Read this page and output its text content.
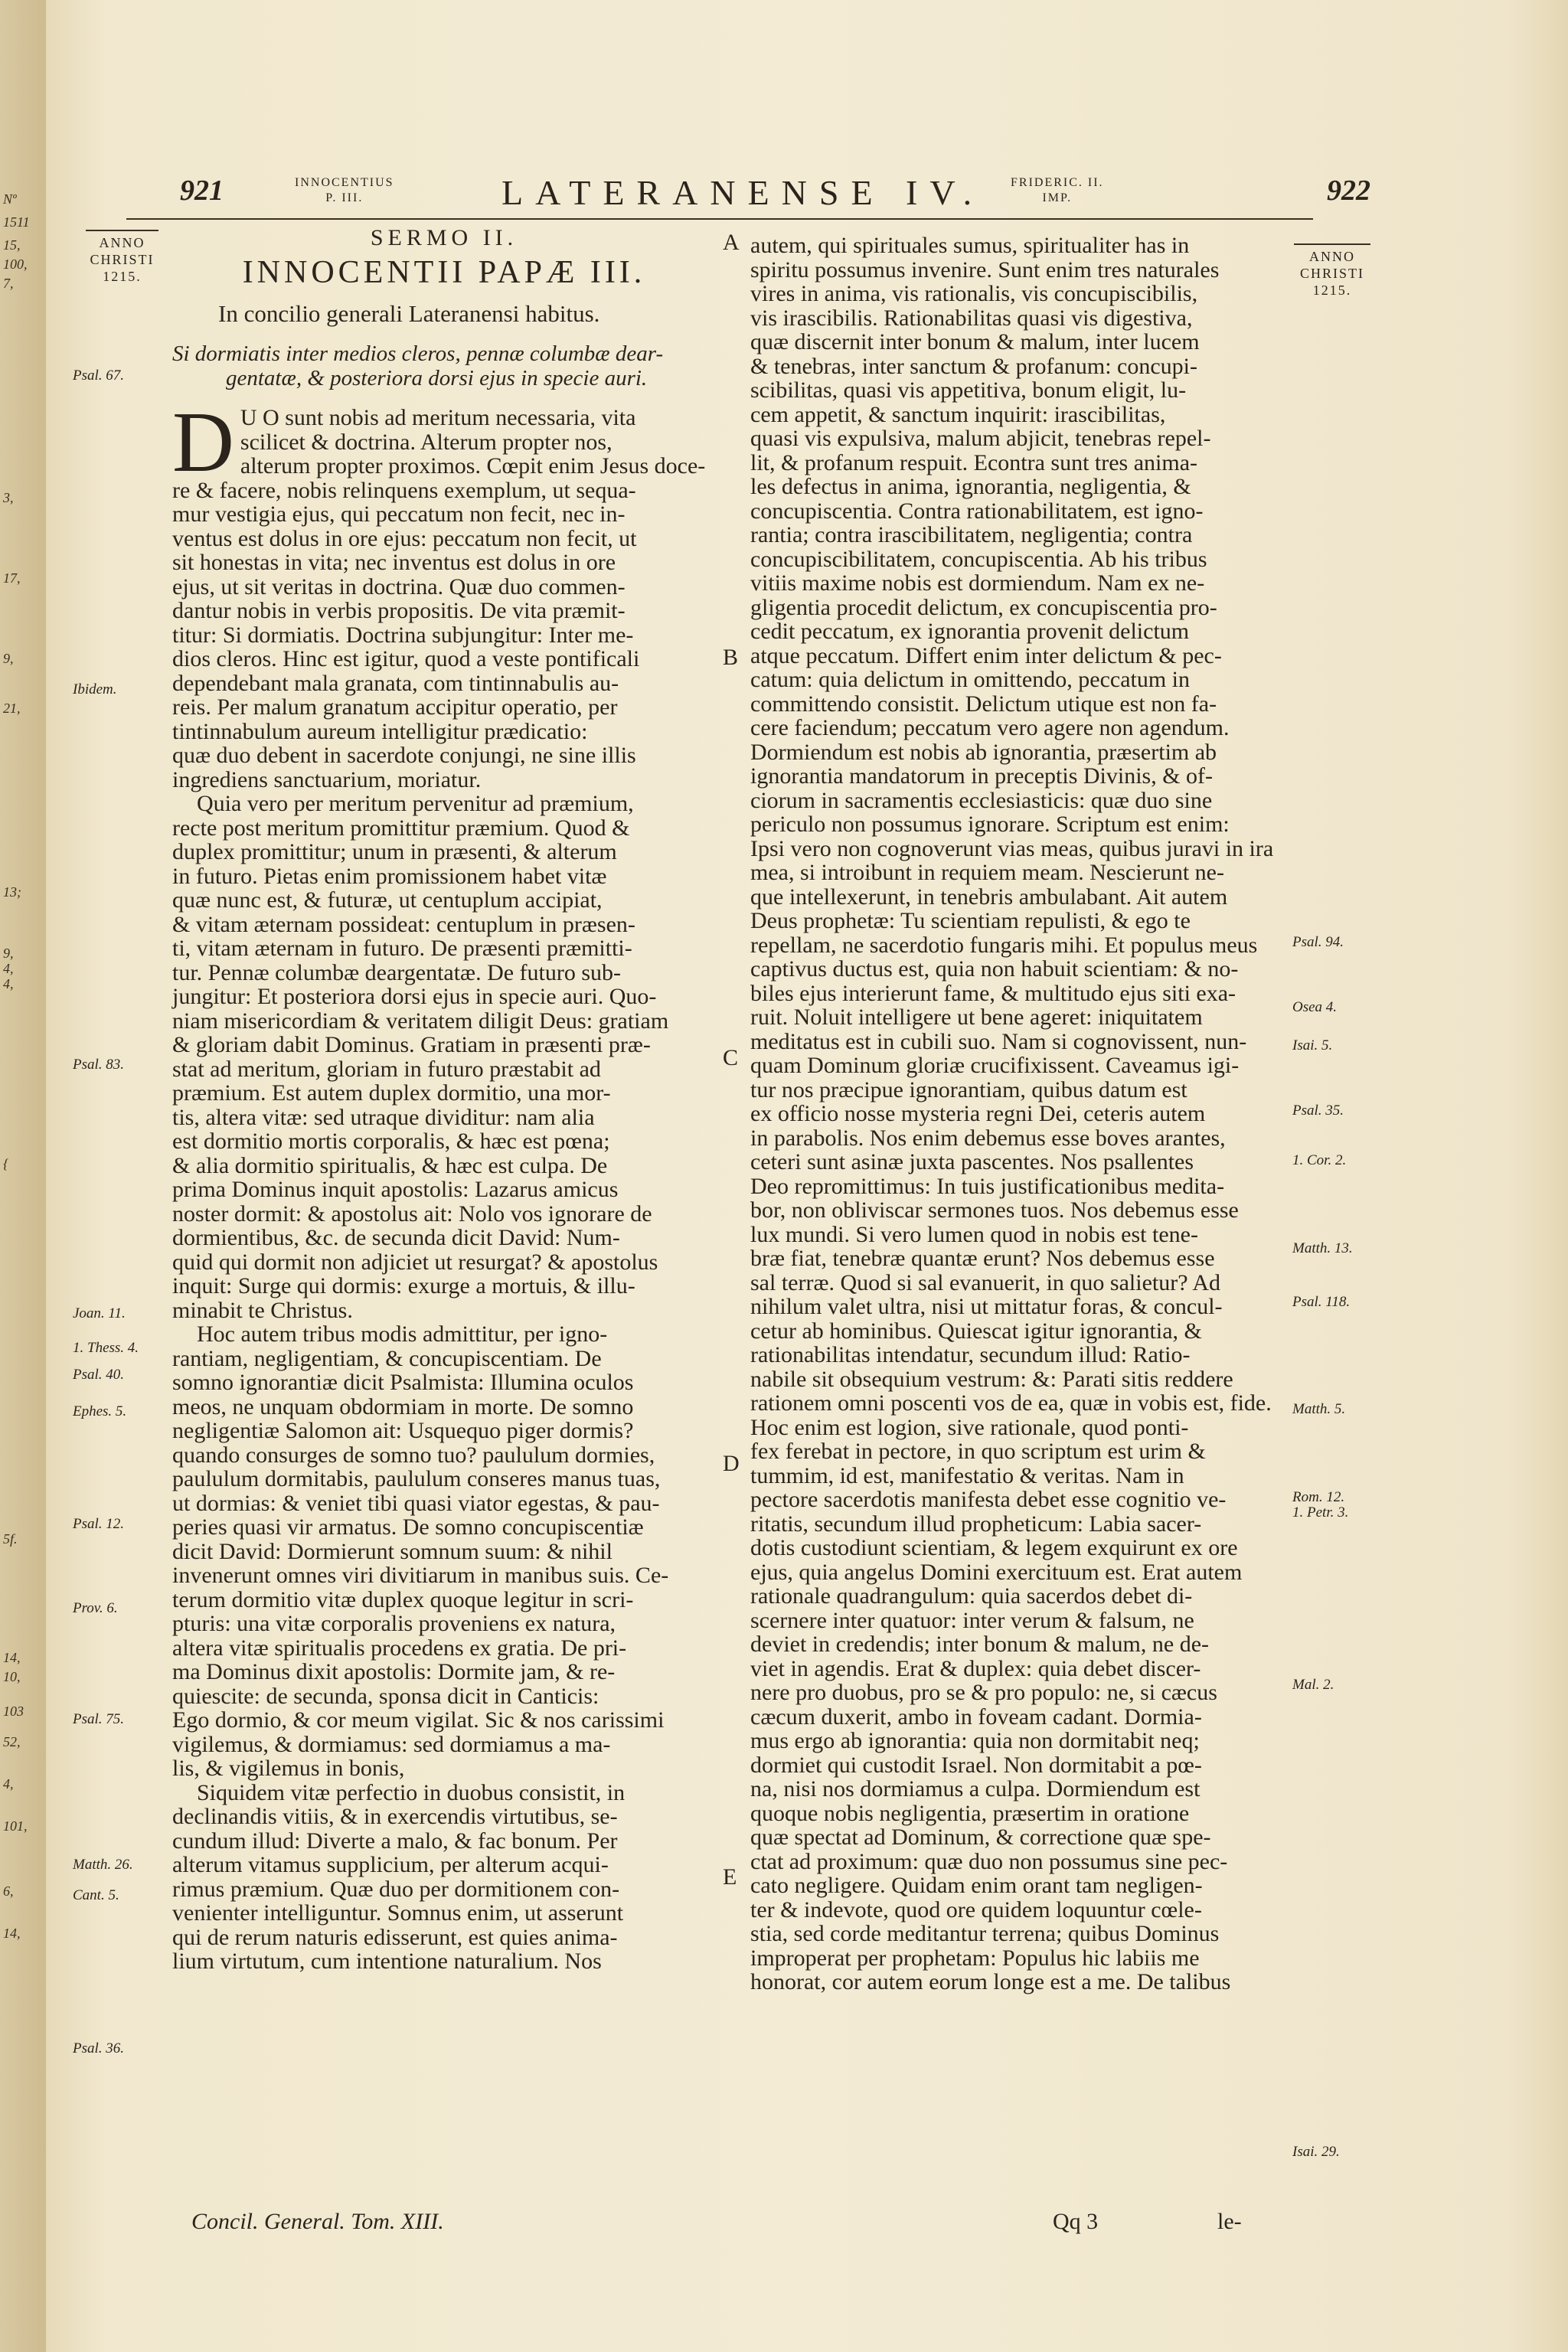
Nº
1511
15,
100,
7,
3,
17,
9,
21,
13;
9,
4,
4,
{
5f.
14,
10,
103
52,
4,
101,
6,
14,
921	INNOCENTIUS
P. III.	LATERANENSE IV. FRIDERIC. II.
IMP.	922
ANNO
CHRISTI
1215.
ANNO
CHRISTI
1215.
SERMO II.
INNOCENTII PAPÆ III.
In concilio generali Lateranensi habitus.
Si dormiatis inter medios cleros, pennæ columbæ dear-
gentatæ, & posteriora dorsi ejus in specie auri.
D U O sunt nobis ad meritum necessaria, vita
scilicet & doctrina. Alterum propter nos,
alterum propter proximos. Cœpit enim Jesus doce-
re & facere, nobis relinquens exemplum, ut sequa-
mur vestigia ejus, qui peccatum non fecit, nec in-
ventus est dolus in ore ejus: peccatum non fecit, ut
sit honestas in vita; nec inventus est dolus in ore
ejus, ut sit veritas in doctrina. Quæ duo commen-
dantur nobis in verbis propositis. De vita præmit-
titur: Si dormiatis. Doctrina subjungitur: Inter me-
dios cleros. Hinc est igitur, quod a veste pontificali
dependebant mala granata, com tintinnabulis au-
reis. Per malum granatum accipitur operatio, per
tintinnabulum aureum intelligitur prædicatio:
quæ duo debent in sacerdote conjungi, ne sine illis
ingrediens sanctuarium, moriatur.
Quia vero per meritum pervenitur ad præmium,
recte post meritum promittitur præmium. Quod &
duplex promittitur; unum in præsenti, & alterum
in futuro. Pietas enim promissionem habet vitæ
quæ nunc est, & futuræ, ut centuplum accipiat,
& vitam æternam possideat: centuplum in præsen-
ti, vitam æternam in futuro. De præsenti præmitti-
tur. Pennæ columbæ deargentatæ. De futuro sub-
jungitur: Et posteriora dorsi ejus in specie auri. Quo-
niam misericordiam & veritatem diligit Deus: gratiam
& gloriam dabit Dominus. Gratiam in præsenti præ-
stat ad meritum, gloriam in futuro præstabit ad
præmium. Est autem duplex dormitio, una mor-
tis, altera vitæ: sed utraque dividitur: nam alia
est dormitio mortis corporalis, & hæc est pœna;
& alia dormitio spiritualis, & hæc est culpa. De
prima Dominus inquit apostolis: Lazarus amicus
noster dormit: & apostolus ait: Nolo vos ignorare de
dormientibus, &c. de secunda dicit David: Num-
quid qui dormit non adjiciet ut resurgat? & apostolus
inquit: Surge qui dormis: exurge a mortuis, & illu-
minabit te Christus.
Hoc autem tribus modis admittitur, per igno-
rantiam, negligentiam, & concupiscentiam. De
somno ignorantiæ dicit Psalmista: Illumina oculos
meos, ne unquam obdormiam in morte. De somno
negligentiæ Salomon ait: Usquequo piger dormis?
quando consurges de somno tuo? paululum dormies,
paululum dormitabis, paululum conseres manus tuas,
ut dormias: & veniet tibi quasi viator egestas, & pau-
peries quasi vir armatus. De somno concupiscentiæ
dicit David: Dormierunt somnum suum: & nihil
invenerunt omnes viri divitiarum in manibus suis. Ce-
terum dormitio vitæ duplex quoque legitur in scri-
pturis: una vitæ corporalis proveniens ex natura,
altera vitæ spiritualis procedens ex gratia. De pri-
ma Dominus dixit apostolis: Dormite jam, & re-
quiescite: de secunda, sponsa dicit in Canticis:
Ego dormio, & cor meum vigilat. Sic & nos carissimi
vigilemus, & dormiamus: sed dormiamus a ma-
lis, & vigilemus in bonis,
Siquidem vitæ perfectio in duobus consistit, in
declinandis vitiis, & in exercendis virtutibus, se-
cundum illud: Diverte a malo, & fac bonum. Per
alterum vitamus supplicium, per alterum acqui-
rimus præmium. Quæ duo per dormitionem con-
venienter intelliguntur. Somnus enim, ut asserunt
qui de rerum naturis edisserunt, est quies anima-
lium virtutum, cum intentione naturalium. Nos
autem, qui spirituales sumus, spiritualiter has in
spiritu possumus invenire. Sunt enim tres naturales
vires in anima, vis rationalis, vis concupiscibilis,
vis irascibilis. Rationabilitas quasi vis digestiva,
quæ discernit inter bonum & malum, inter lucem
& tenebras, inter sanctum & profanum: concupi-
scibilitas, quasi vis appetitiva, bonum eligit, lu-
cem appetit, & sanctum inquirit: irascibilitas,
quasi vis expulsiva, malum abjicit, tenebras repel-
lit, & profanum respuit. Econtra sunt tres anima-
les defectus in anima, ignorantia, negligentia, &
concupiscentia. Contra rationabilitatem, est igno-
rantia; contra irascibilitatem, negligentia; contra
concupiscibilitatem, concupiscentia. Ab his tribus
vitiis maxime nobis est dormiendum. Nam ex ne-
gligentia procedit delictum, ex concupiscentia pro-
cedit peccatum, ex ignorantia provenit delictum
atque peccatum. Differt enim inter delictum & pec-
catum: quia delictum in omittendo, peccatum in
committendo consistit. Delictum utique est non fa-
cere faciendum; peccatum vero agere non agendum.
Dormiendum est nobis ab ignorantia, præsertim ab
ignorantia mandatorum in preceptis Divinis, & of-
ciorum in sacramentis ecclesiasticis: quæ duo sine
periculo non possumus ignorare. Scriptum est enim:
Ipsi vero non cognoverunt vias meas, quibus juravi in ira
mea, si introibunt in requiem meam. Nescierunt ne-
que intellexerunt, in tenebris ambulabant. Ait autem
Deus prophetæ: Tu scientiam repulisti, & ego te
repellam, ne sacerdotio fungaris mihi. Et populus meus
captivus ductus est, quia non habuit scientiam: & no-
biles ejus interierunt fame, & multitudo ejus siti exa-
ruit. Noluit intelligere ut bene ageret: iniquitatem
meditatus est in cubili suo. Nam si cognovissent, nun-
quam Dominum gloriæ crucifixissent. Caveamus igi-
tur nos præcipue ignorantiam, quibus datum est
ex officio nosse mysteria regni Dei, ceteris autem
in parabolis. Nos enim debemus esse boves arantes,
ceteri sunt asinæ juxta pascentes. Nos psallentes
Deo repromittimus: In tuis justificationibus medita-
bor, non obliviscar sermones tuos. Nos debemus esse
lux mundi. Si vero lumen quod in nobis est tene-
bræ fiat, tenebræ quantæ erunt? Nos debemus esse
sal terræ. Quod si sal evanuerit, in quo salietur? Ad
nihilum valet ultra, nisi ut mittatur foras, & concul-
cetur ab hominibus. Quiescat igitur ignorantia, &
rationabilitas intendatur, secundum illud: Ratio-
nabile sit obsequium vestrum: &: Parati sitis reddere
rationem omni poscenti vos de ea, quæ in vobis est, fide.
Hoc enim est logion, sive rationale, quod ponti-
fex ferebat in pectore, in quo scriptum est urim &
tummim, id est, manifestatio & veritas. Nam in
pectore sacerdotis manifesta debet esse cognitio ve-
ritatis, secundum illud propheticum: Labia sacer-
dotis custodiunt scientiam, & legem exquirunt ex ore
ejus, quia angelus Domini exercituum est. Erat autem
rationale quadrangulum: quia sacerdos debet di-
scernere inter quatuor: inter verum & falsum, ne
deviet in credendis; inter bonum & malum, ne de-
viet in agendis. Erat & duplex: quia debet discer-
nere pro duobus, pro se & pro populo: ne, si cæcus
cæcum duxerit, ambo in foveam cadant. Dormia-
mus ergo ab ignorantia: quia non dormitabit neq;
dormiet qui custodit Israel. Non dormitabit a pœ-
na, nisi nos dormiamus a culpa. Dormiendum est
quoque nobis negligentia, præsertim in oratione
quæ spectat ad Dominum, & correctione quæ spe-
ctat ad proximum: quæ duo non possumus sine pec-
cato negligere. Quidam enim orant tam negligen-
ter & indevote, quod ore quidem loquuntur cœle-
stia, sed corde meditantur terrena; quibus Dominus
improperat per prophetam: Populus hic labiis me
honorat, cor autem eorum longe est a me. De talibus
Psal. 67.
Ibidem.
Psal. 83.
Joan. 11.
1. Thess. 4.
Psal. 40.
Ephes. 5.
Psal. 12.
Prov. 6.
Psal. 75.
Matth. 26.
Cant. 5.
Psal. 36.
Psal. 94.
Osea 4.
Isai. 5.
Psal. 35.
1. Cor. 2.
Matth. 13.
Psal. 118.
Matth. 5.
Rom. 12.
1. Petr. 3.
Mal. 2.
Isai. 29.
A
B
C
D
E
Concil. General. Tom. XIII.	Qq 3	le-
